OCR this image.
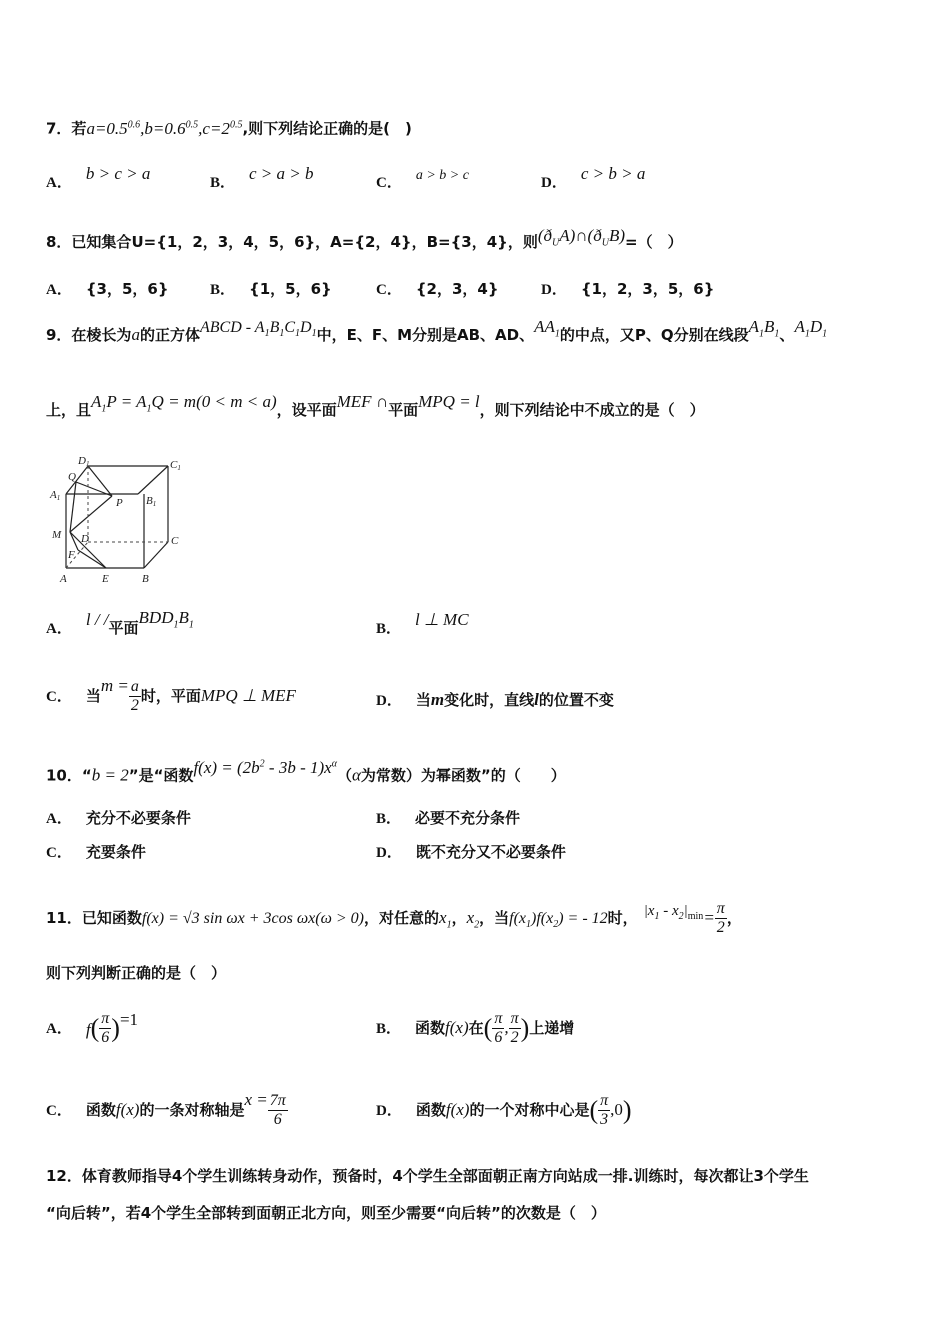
7．若$a=0.5^{0.6},b=0.6^{0.5},c=2^{0.5}$,则下列结论正确的是(　)
A． b > c > a	B． c > a > b	C． a > b > c	D． c > b > a
8．已知集合U={1，2，3，4，5，6}，A={2，4}，B={3，4}，则$(ð_UA)\cap(ð_UB)=$（　）
A． {3，5，6}	B． {1，5，6}	C． {2，3，4}	D． {1，2，3，5，6}
9．在棱长为a的正方体ABCD - $A_1B_1C_1D_1$中，E、F、M分别是AB、AD、$AA_1$的中点，又P、Q分别在线段$A_1B_1$、$A_1D_1$
上，且$A_1P = A_1Q = m(0 < m < a)$，设平面MEF ∩平面MPQ = l，则下列结论中不成立的是（　）
D1	C1
Q
A1	P B1
M D	C
F
A	E	B
A． l / /平面$BDD_1B_1$	B． l ⊥ MC
C． 当$m = \frac{a}{2}$ 时，平面MPQ ⊥ MEF	D． 当m变化时，直线l的位置不变
10．“b = 2”是“函数$f(x) = (2b^2 - 3b - 1)x^\alpha(\alpha$为常数）为幂函数”的（　　）
A． 充分不必要条件	B． 必要不充分条件
C． 充要条件	D． 既不充分又不必要条件
11．已知函数f(x) = √3 sin ωx + 3cos ωx(ω > 0)，对任意的$x_1$，$x_2$，当$f(x_1)f(x_2)$ = - 12时， $|x_1 - x_2|_{min}= \frac{\pi}{2}$ ，
则下列判断正确的是（　）
A． $f( \frac{\pi}{6} )=1$	B． 函数f(x)在( $\frac{\pi}{6}$ , $\frac{\pi}{2}$ )上递增
C． 函数f(x)的一条对称轴是$x = \frac{7\pi}{6}$	D． 函数f(x)的一个对称中心是( $\frac{\pi}{3} ,0$)
12．体育教师指导4个学生训练转身动作，预备时，4个学生全部面朝正南方向站成一排.训练时，每次都让3个学生
“向后转”，若4个学生全部转到面朝正北方向，则至少需要“向后转”的次数是（　）
